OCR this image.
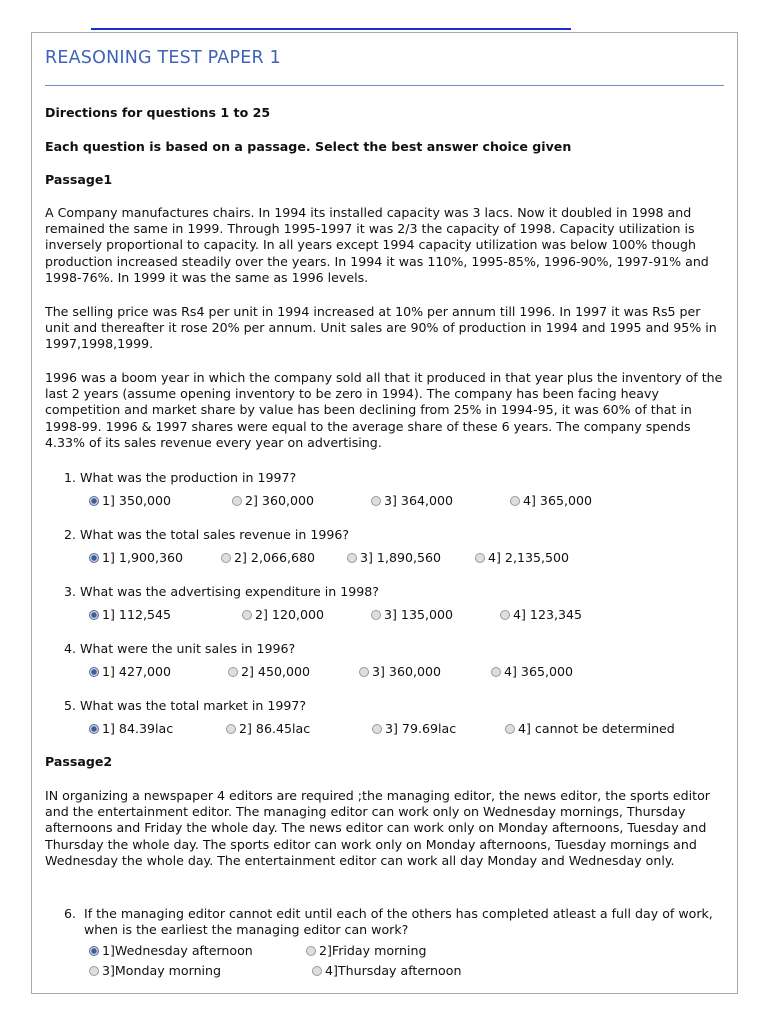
REASONING TEST PAPER 1
Directions for questions 1 to 25
Each question is based on a passage. Select the best answer choice given
Passage1
A Company manufactures chairs. In 1994 its installed capacity was 3 lacs. Now it doubled in 1998 and remained the same in 1999. Through 1995-1997 it was 2/3 the capacity of 1998. Capacity utilization is inversely proportional to capacity. In all years except 1994 capacity utilization was below 100% though production increased steadily over the years. In 1994 it was 110%, 1995-85%, 1996-90%, 1997-91% and 1998-76%. In 1999 it was the same as 1996 levels.
The selling price was Rs4 per unit in 1994 increased at 10% per annum till 1996. In 1997 it was Rs5 per unit and thereafter it rose 20% per annum. Unit sales are 90% of production in 1994 and 1995 and 95% in 1997,1998,1999.
1996 was a boom year in which the company sold all that it produced in that year plus the inventory of the last 2 years (assume opening inventory to be zero in 1994). The company has been facing heavy competition and market share by value has been declining from 25% in 1994-95, it was 60% of that in 1998-99. 1996 & 1997 shares were equal to the average share of these 6 years. The company spends 4.33% of its sales revenue every year on advertising.
1. What was the production in 1997?
1] 350,000	2] 360,000	3] 364,000	4] 365,000
2. What was the total sales revenue in 1996?
1] 1,900,360	2] 2,066,680	3] 1,890,560	4] 2,135,500
3. What was the advertising expenditure in 1998?
1] 112,545	2] 120,000	3] 135,000	4] 123,345
4. What were the unit sales in 1996?
1] 427,000	2] 450,000	3] 360,000	4] 365,000
5. What was the total market in 1997?
1] 84.39lac	2] 86.45lac	3] 79.69lac	4] cannot be determined
Passage2
IN organizing a newspaper 4 editors are required ;the managing editor, the news editor, the sports editor and the entertainment editor. The managing editor can work only on Wednesday mornings, Thursday afternoons and Friday the whole day. The news editor can work only on Monday afternoons, Tuesday and Thursday the whole day. The sports editor can work only on Monday afternoons, Tuesday mornings and Wednesday the whole day. The entertainment editor can work all day Monday and Wednesday only.
6. If the managing editor cannot edit until each of the others has completed atleast a full day of work, when is the earliest the managing editor can work?
1]Wednesday afternoon	2]Friday morning
3]Monday morning	4]Thursday afternoon
